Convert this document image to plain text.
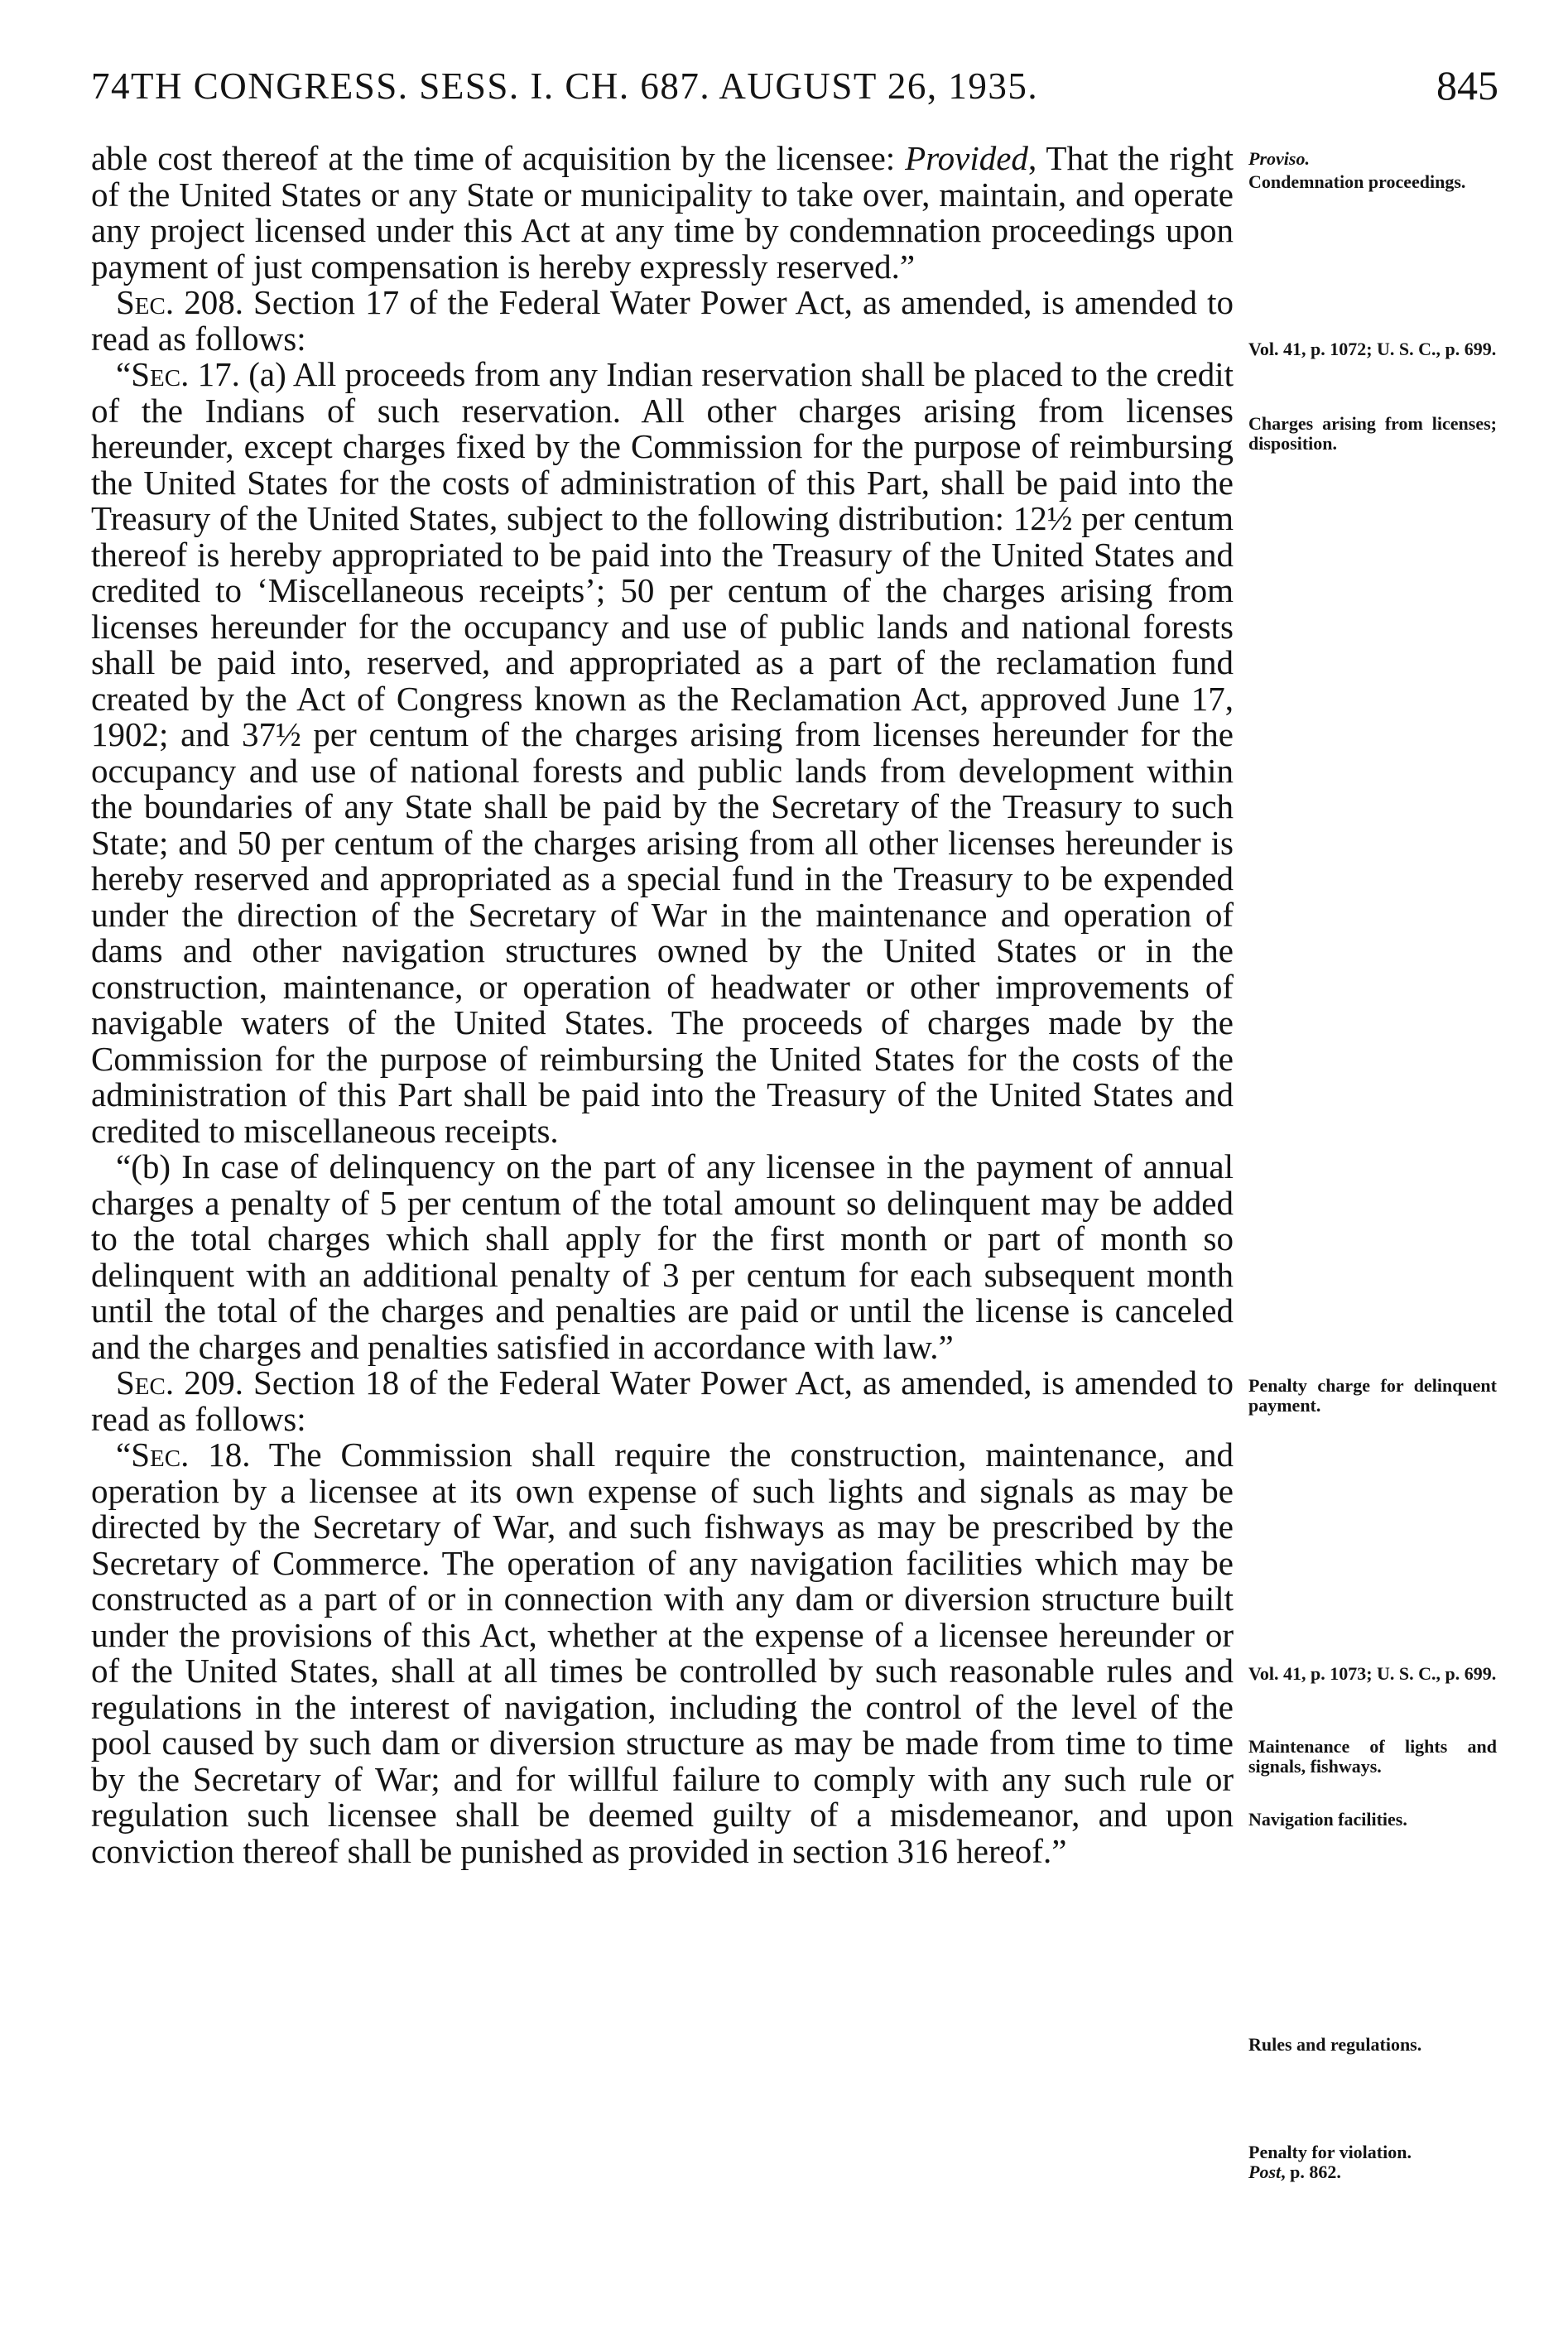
74TH CONGRESS. SESS. I. CH. 687. AUGUST 26, 1935.	845

able cost thereof at the time of acquisition by the licensee: Provided, That the right of the United States or any State or municipality to take over, maintain, and operate any project licensed under this Act at any time by condemnation proceedings upon payment of just compensation is hereby expressly reserved.”

Sec. 208. Section 17 of the Federal Water Power Act, as amended, is amended to read as follows:

“Sec. 17. (a) All proceeds from any Indian reservation shall be placed to the credit of the Indians of such reservation. All other charges arising from licenses hereunder, except charges fixed by the Commission for the purpose of reimbursing the United States for the costs of administration of this Part, shall be paid into the Treasury of the United States, subject to the following distribution: 12½ per centum thereof is hereby appropriated to be paid into the Treasury of the United States and credited to ‘Miscellaneous receipts’; 50 per centum of the charges arising from licenses hereunder for the occupancy and use of public lands and national forests shall be paid into, reserved, and appropriated as a part of the reclamation fund created by the Act of Congress known as the Reclamation Act, approved June 17, 1902; and 37½ per centum of the charges arising from licenses hereunder for the occupancy and use of national forests and public lands from development within the boundaries of any State shall be paid by the Secretary of the Treasury to such State; and 50 per centum of the charges arising from all other licenses hereunder is hereby reserved and appropriated as a special fund in the Treasury to be expended under the direction of the Secretary of War in the maintenance and operation of dams and other navigation structures owned by the United States or in the construction, maintenance, or operation of headwater or other improvements of navigable waters of the United States. The proceeds of charges made by the Commission for the purpose of reimbursing the United States for the costs of the administration of this Part shall be paid into the Treasury of the United States and credited to miscellaneous receipts.

“(b) In case of delinquency on the part of any licensee in the payment of annual charges a penalty of 5 per centum of the total amount so delinquent may be added to the total charges which shall apply for the first month or part of month so delinquent with an additional penalty of 3 per centum for each subsequent month until the total of the charges and penalties are paid or until the license is canceled and the charges and penalties satisfied in accordance with law.”

Sec. 209. Section 18 of the Federal Water Power Act, as amended, is amended to read as follows:

“Sec. 18. The Commission shall require the construction, maintenance, and operation by a licensee at its own expense of such lights and signals as may be directed by the Secretary of War, and such fishways as may be prescribed by the Secretary of Commerce. The operation of any navigation facilities which may be constructed as a part of or in connection with any dam or diversion structure built under the provisions of this Act, whether at the expense of a licensee hereunder or of the United States, shall at all times be controlled by such reasonable rules and regulations in the interest of navigation, including the control of the level of the pool caused by such dam or diversion structure as may be made from time to time by the Secretary of War; and for willful failure to comply with any such rule or regulation such licensee shall be deemed guilty of a misdemeanor, and upon conviction thereof shall be punished as provided in section 316 hereof.”

Proviso.
Condemnation proceedings.
Vol. 41, p. 1072; U. S. C., p. 699.
Charges arising from licenses; disposition.
Penalty charge for delinquent payment.
Vol. 41, p. 1073; U. S. C., p. 699.
Maintenance of lights and signals, fishways.
Navigation facilities.
Rules and regulations.
Penalty for violation.
Post, p. 862.
